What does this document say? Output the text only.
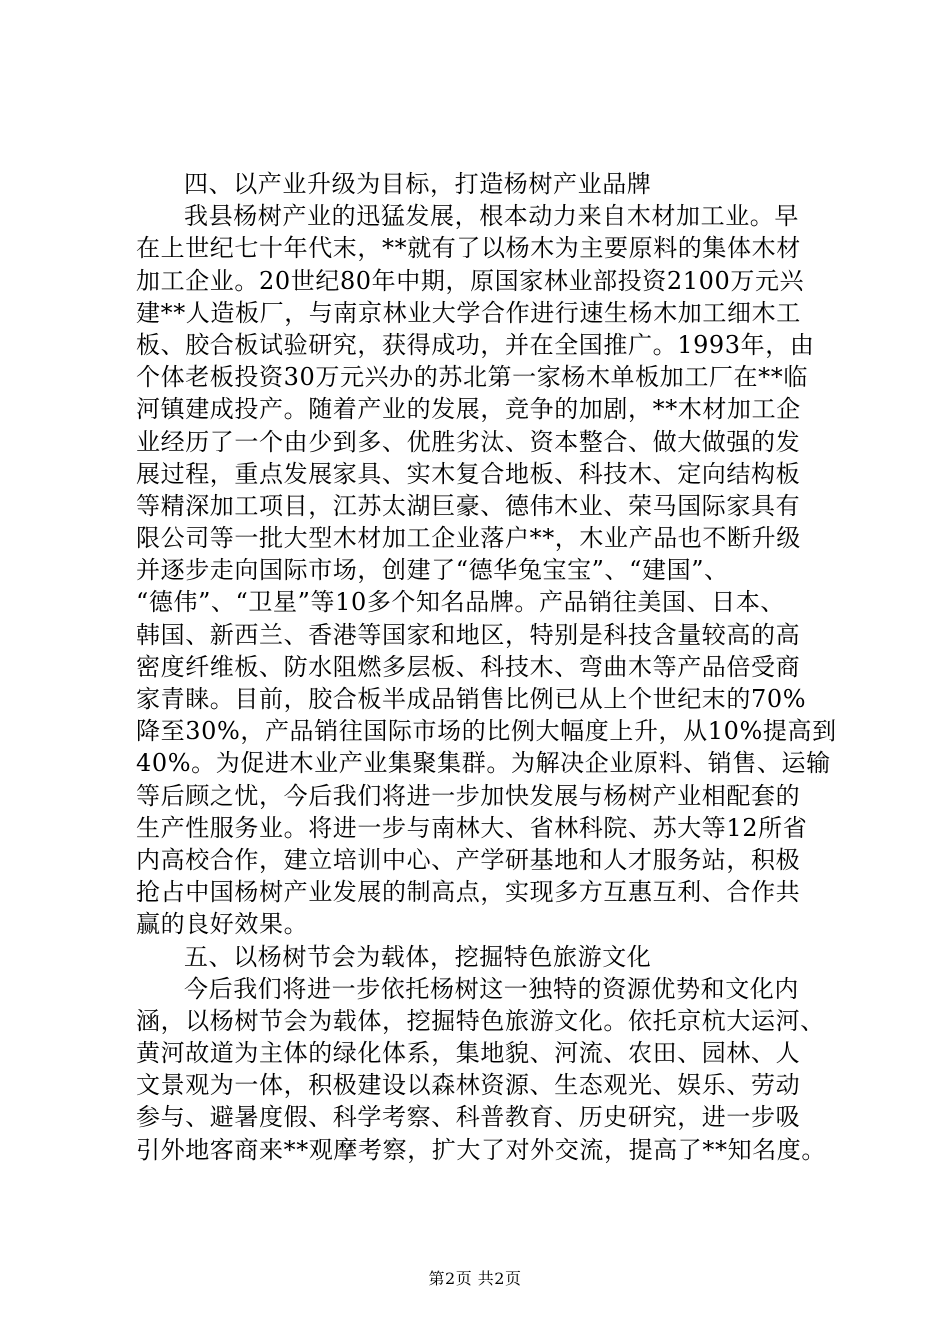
四、以产业升级为目标，打造杨树产业品牌
我县杨树产业的迅猛发展，根本动力来自木材加工业。早
在上世纪七十年代末，**就有了以杨木为主要原料的集体木材
加工企业。20世纪80年中期，原国家林业部投资2100万元兴
建**人造板厂，与南京林业大学合作进行速生杨木加工细木工
板、胶合板试验研究，获得成功，并在全国推广。1993年，由
个体老板投资30万元兴办的苏北第一家杨木单板加工厂在**临
河镇建成投产。随着产业的发展，竞争的加剧，**木材加工企
业经历了一个由少到多、优胜劣汰、资本整合、做大做强的发
展过程，重点发展家具、实木复合地板、科技木、定向结构板
等精深加工项目，江苏太湖巨豪、德伟木业、荣马国际家具有
限公司等一批大型木材加工企业落户**，木业产品也不断升级
并逐步走向国际市场，创建了“德华兔宝宝”、“建国”、
“德伟”、“卫星”等10多个知名品牌。产品销往美国、日本、
韩国、新西兰、香港等国家和地区，特别是科技含量较高的高
密度纤维板、防水阻燃多层板、科技木、弯曲木等产品倍受商
家青睐。目前，胶合板半成品销售比例已从上个世纪末的70%
降至30%，产品销往国际市场的比例大幅度上升，从10%提高到
40%。为促进木业产业集聚集群。为解决企业原料、销售、运输
等后顾之忧，今后我们将进一步加快发展与杨树产业相配套的
生产性服务业。将进一步与南林大、省林科院、苏大等12所省
内高校合作，建立培训中心、产学研基地和人才服务站，积极
抢占中国杨树产业发展的制高点，实现多方互惠互利、合作共
赢的良好效果。
五、以杨树节会为载体，挖掘特色旅游文化
今后我们将进一步依托杨树这一独特的资源优势和文化内
涵，以杨树节会为载体，挖掘特色旅游文化。依托京杭大运河、
黄河故道为主体的绿化体系，集地貌、河流、农田、园林、人
文景观为一体，积极建设以森林资源、生态观光、娱乐、劳动
参与、避暑度假、科学考察、科普教育、历史研究，进一步吸
引外地客商来**观摩考察，扩大了对外交流，提高了**知名度。
第2页 共2页
